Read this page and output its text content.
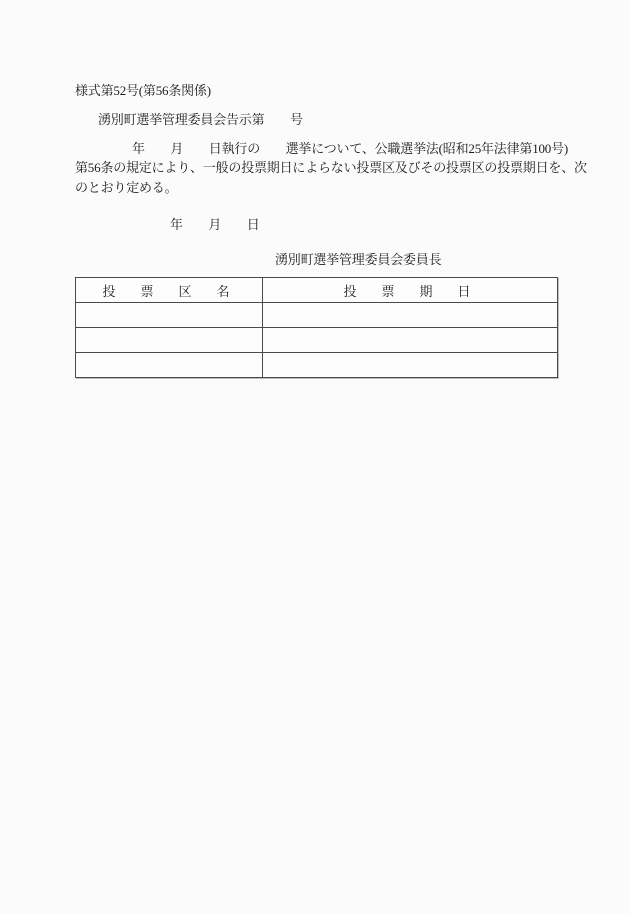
様式第52号(第56条関係)
湧別町選挙管理委員会告示第　　号
年　　月　　日執行の　　選挙について、公職選挙法(昭和25年法律第100号)
第56条の規定により、一般の投票期日によらない投票区及びその投票区の投票期日を、次
のとおり定める。
年　　月　　日
湧別町選挙管理委員会委員長
投　票　区　名	投　票　期　日
